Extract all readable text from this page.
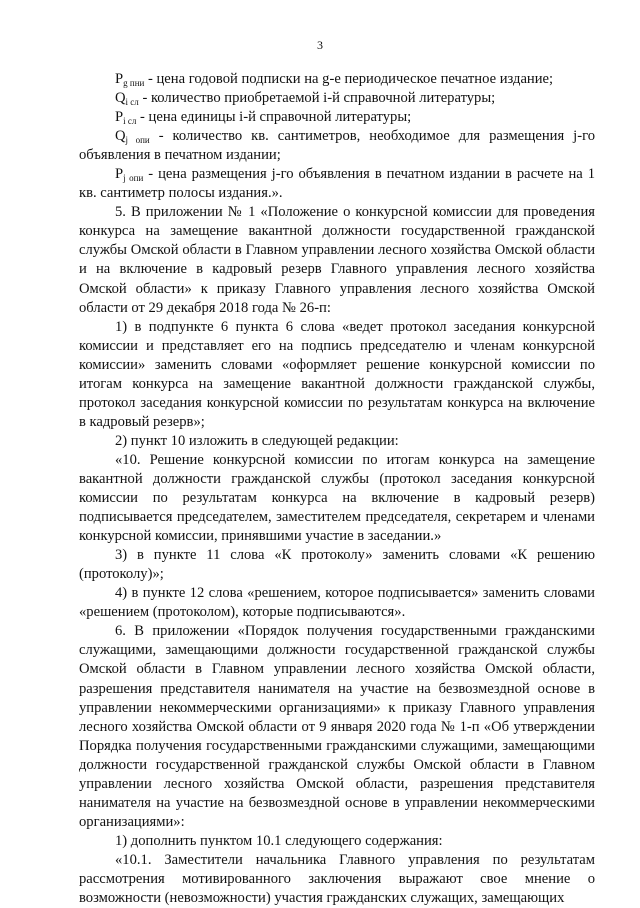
3

$P_{g пни}$ - цена годовой подписки на g-е периодическое печатное издание;

$Q_{i сл}$ - количество приобретаемой i-й справочной литературы;

$P_{i сл}$ - цена единицы i-й справочной литературы;

$Q_{j опи}$ - количество кв. сантиметров, необходимое для размещения j-го объявления в печатном издании;

$P_{j опи}$ - цена размещения j-го объявления в печатном издании в расчете на 1 кв. сантиметр полосы издания.».

5. В приложении № 1 «Положение о конкурсной комиссии для проведения конкурса на замещение вакантной должности государственной гражданской службы Омской области в Главном управлении лесного хозяйства Омской области и на включение в кадровый резерв Главного управления лесного хозяйства Омской области» к приказу Главного управления лесного хозяйства Омской области от 29 декабря 2018 года № 26-п:

1) в подпункте 6 пункта 6 слова «ведет протокол заседания конкурсной комиссии и представляет его на подпись председателю и членам конкурсной комиссии» заменить словами «оформляет решение конкурсной комиссии по итогам конкурса на замещение вакантной должности гражданской службы, протокол заседания конкурсной комиссии по результатам конкурса на включение в кадровый резерв»;

2) пункт 10 изложить в следующей редакции:

«10. Решение конкурсной комиссии по итогам конкурса на замещение вакантной должности гражданской службы (протокол заседания конкурсной комиссии по результатам конкурса на включение в кадровый резерв) подписывается председателем, заместителем председателя, секретарем и членами конкурсной комиссии, принявшими участие в заседании.»

3) в пункте 11 слова «К протоколу» заменить словами «К решению (протоколу)»;

4) в пункте 12 слова «решением, которое подписывается» заменить словами «решением (протоколом), которые подписываются».

6. В приложении «Порядок получения государственными гражданскими служащими, замещающими должности государственной гражданской службы Омской области в Главном управлении лесного хозяйства Омской области, разрешения представителя нанимателя на участие на безвозмездной основе в управлении некоммерческими организациями» к приказу Главного управления лесного хозяйства Омской области от 9 января 2020 года № 1-п «Об утверждении Порядка получения государственными гражданскими служащими, замещающими должности государственной гражданской службы Омской области в Главном управлении лесного хозяйства Омской области, разрешения представителя нанимателя на участие на безвозмездной основе в управлении некоммерческими организациями»:

1) дополнить пунктом 10.1 следующего содержания:

«10.1. Заместители начальника Главного управления по результатам рассмотрения мотивированного заключения выражают свое мнение о возможности (невозможности) участия гражданских служащих, замещающих
